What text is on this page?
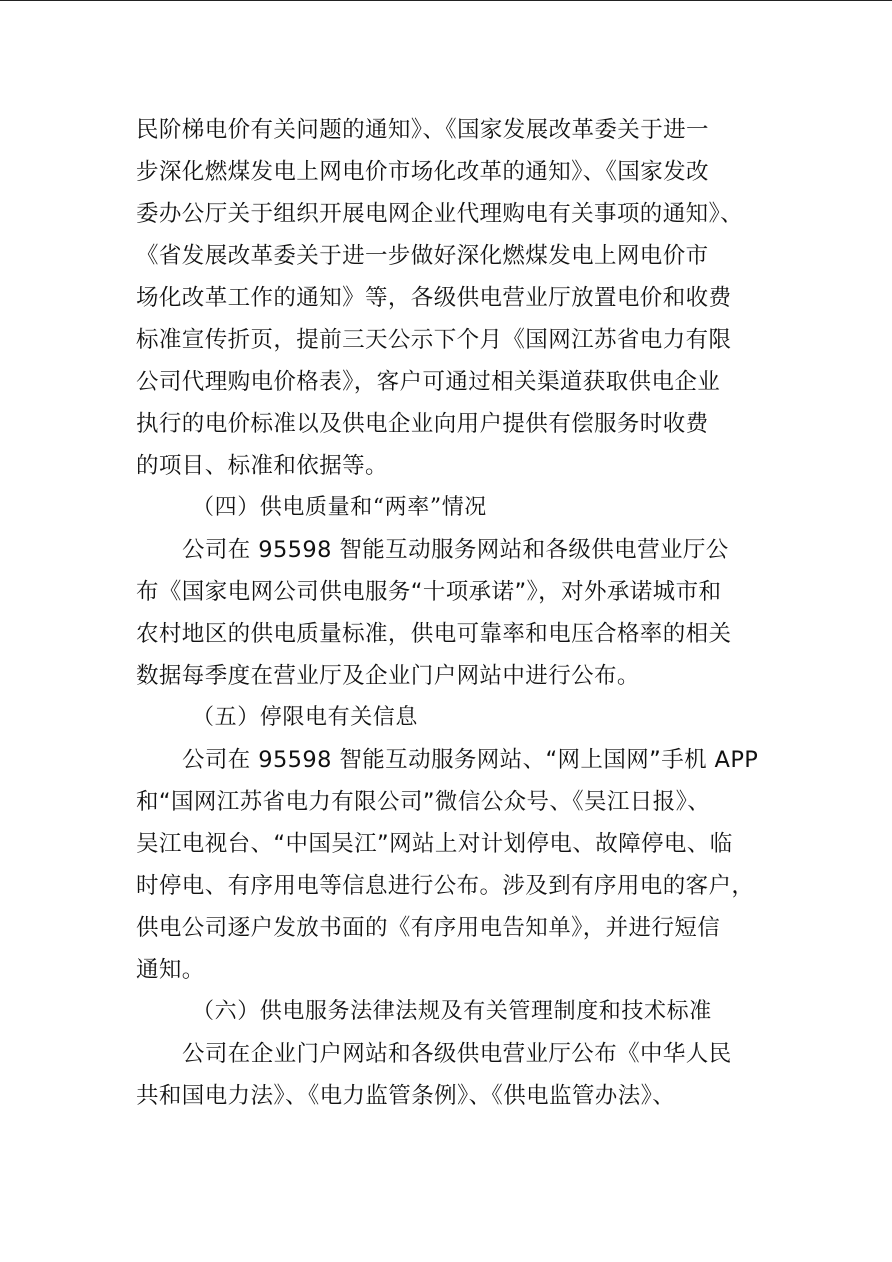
民阶梯电价有关问题的通知》、《国家发展改革委关于进一
步深化燃煤发电上网电价市场化改革的通知》、《国家发改
委办公厅关于组织开展电网企业代理购电有关事项的通知》、
《省发展改革委关于进一步做好深化燃煤发电上网电价市
场化改革工作的通知》等，各级供电营业厅放置电价和收费
标准宣传折页，提前三天公示下个月《国网江苏省电力有限
公司代理购电价格表》，客户可通过相关渠道获取供电企业
执行的电价标准以及供电企业向用户提供有偿服务时收费
的项目、标准和依据等。

（四）供电质量和“两率”情况

公司在 95598 智能互动服务网站和各级供电营业厅公
布《国家电网公司供电服务“十项承诺”》，对外承诺城市和
农村地区的供电质量标准，供电可靠率和电压合格率的相关
数据每季度在营业厅及企业门户网站中进行公布。

（五）停限电有关信息

公司在 95598 智能互动服务网站、“网上国网”手机 APP
和“国网江苏省电力有限公司”微信公众号、《吴江日报》、
吴江电视台、“中国吴江”网站上对计划停电、故障停电、临
时停电、有序用电等信息进行公布。涉及到有序用电的客户，
供电公司逐户发放书面的《有序用电告知单》，并进行短信
通知。

（六）供电服务法律法规及有关管理制度和技术标准

公司在企业门户网站和各级供电营业厅公布《中华人民
共和国电力法》、《电力监管条例》、《供电监管办法》、
